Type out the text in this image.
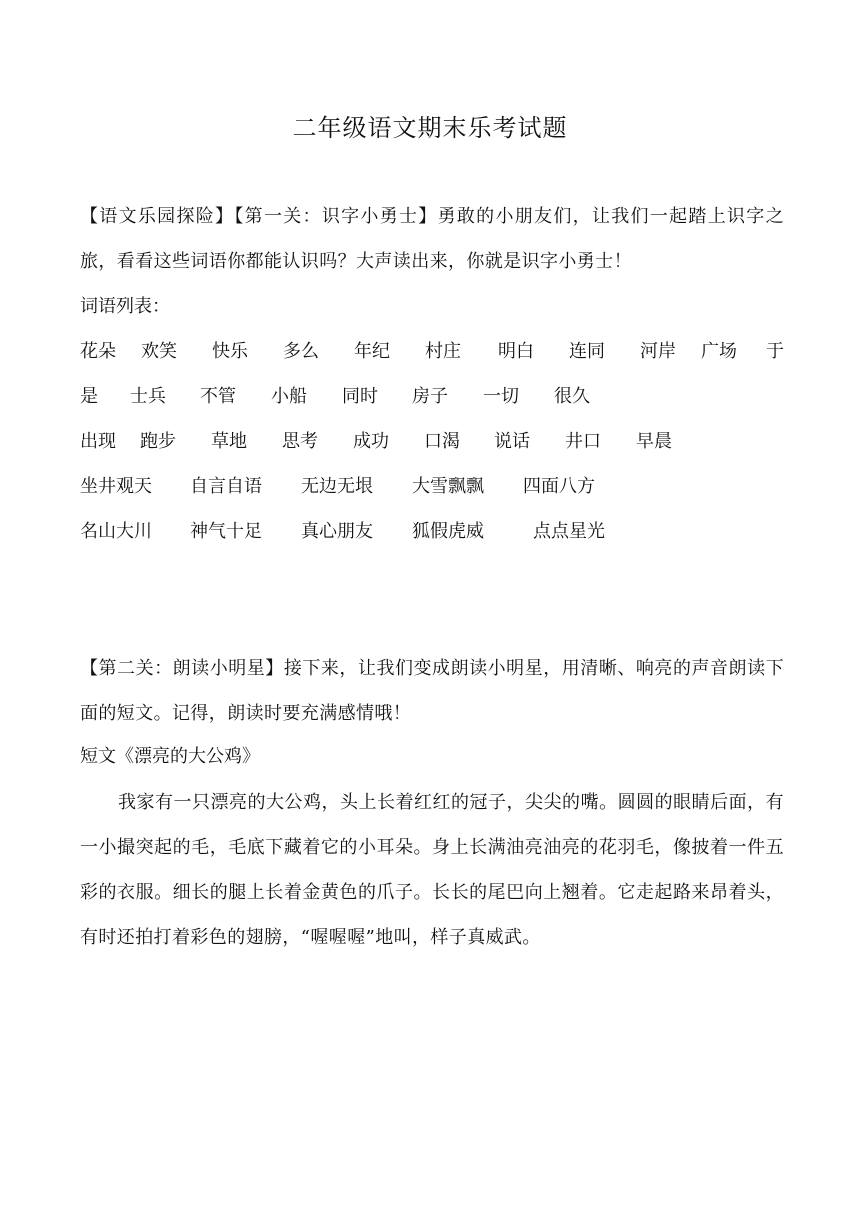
二年级语文期末乐考试题
【语文乐园探险】【第一关：识字小勇士】勇敢的小朋友们，让我们一起踏上识字之旅，看看这些词语你都能认识吗？大声读出来，你就是识字小勇士！
词语列表：
花朵 欢笑 快乐 多么 年纪 村庄 明白 连同 河岸 广场 于
是 士兵 不管 小船 同时 房子 一切 很久
出现 跑步 草地 思考 成功 口渴 说话 井口 早晨
坐井观天 自言自语 无边无垠 大雪飘飘 四面八方
名山大川 神气十足 真心朋友 狐假虎威	点点星光
【第二关：朗读小明星】接下来，让我们变成朗读小明星，用清晰、响亮的声音朗读下面的短文。记得，朗读时要充满感情哦！
短文《漂亮的大公鸡》
我家有一只漂亮的大公鸡，头上长着红红的冠子，尖尖的嘴。圆圆的眼睛后面，有一小撮突起的毛，毛底下藏着它的小耳朵。身上长满油亮油亮的花羽毛，像披着一件五彩的衣服。细长的腿上长着金黄色的爪子。长长的尾巴向上翘着。它走起路来昂着头，有时还拍打着彩色的翅膀，“喔喔喔”地叫，样子真威武。
